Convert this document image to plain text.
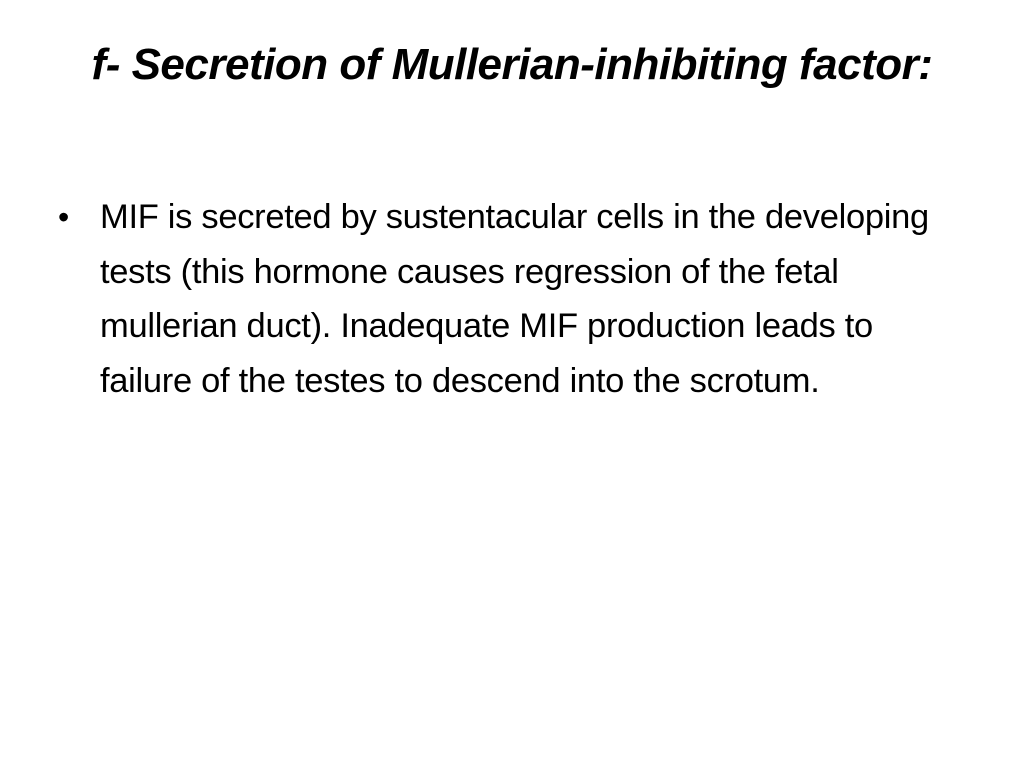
f- Secretion of Mullerian-inhibiting factor:
• MIF is secreted by sustentacular cells in the developing tests (this hormone causes regression of the fetal mullerian duct). Inadequate MIF production leads to failure of the testes to descend into the scrotum.
